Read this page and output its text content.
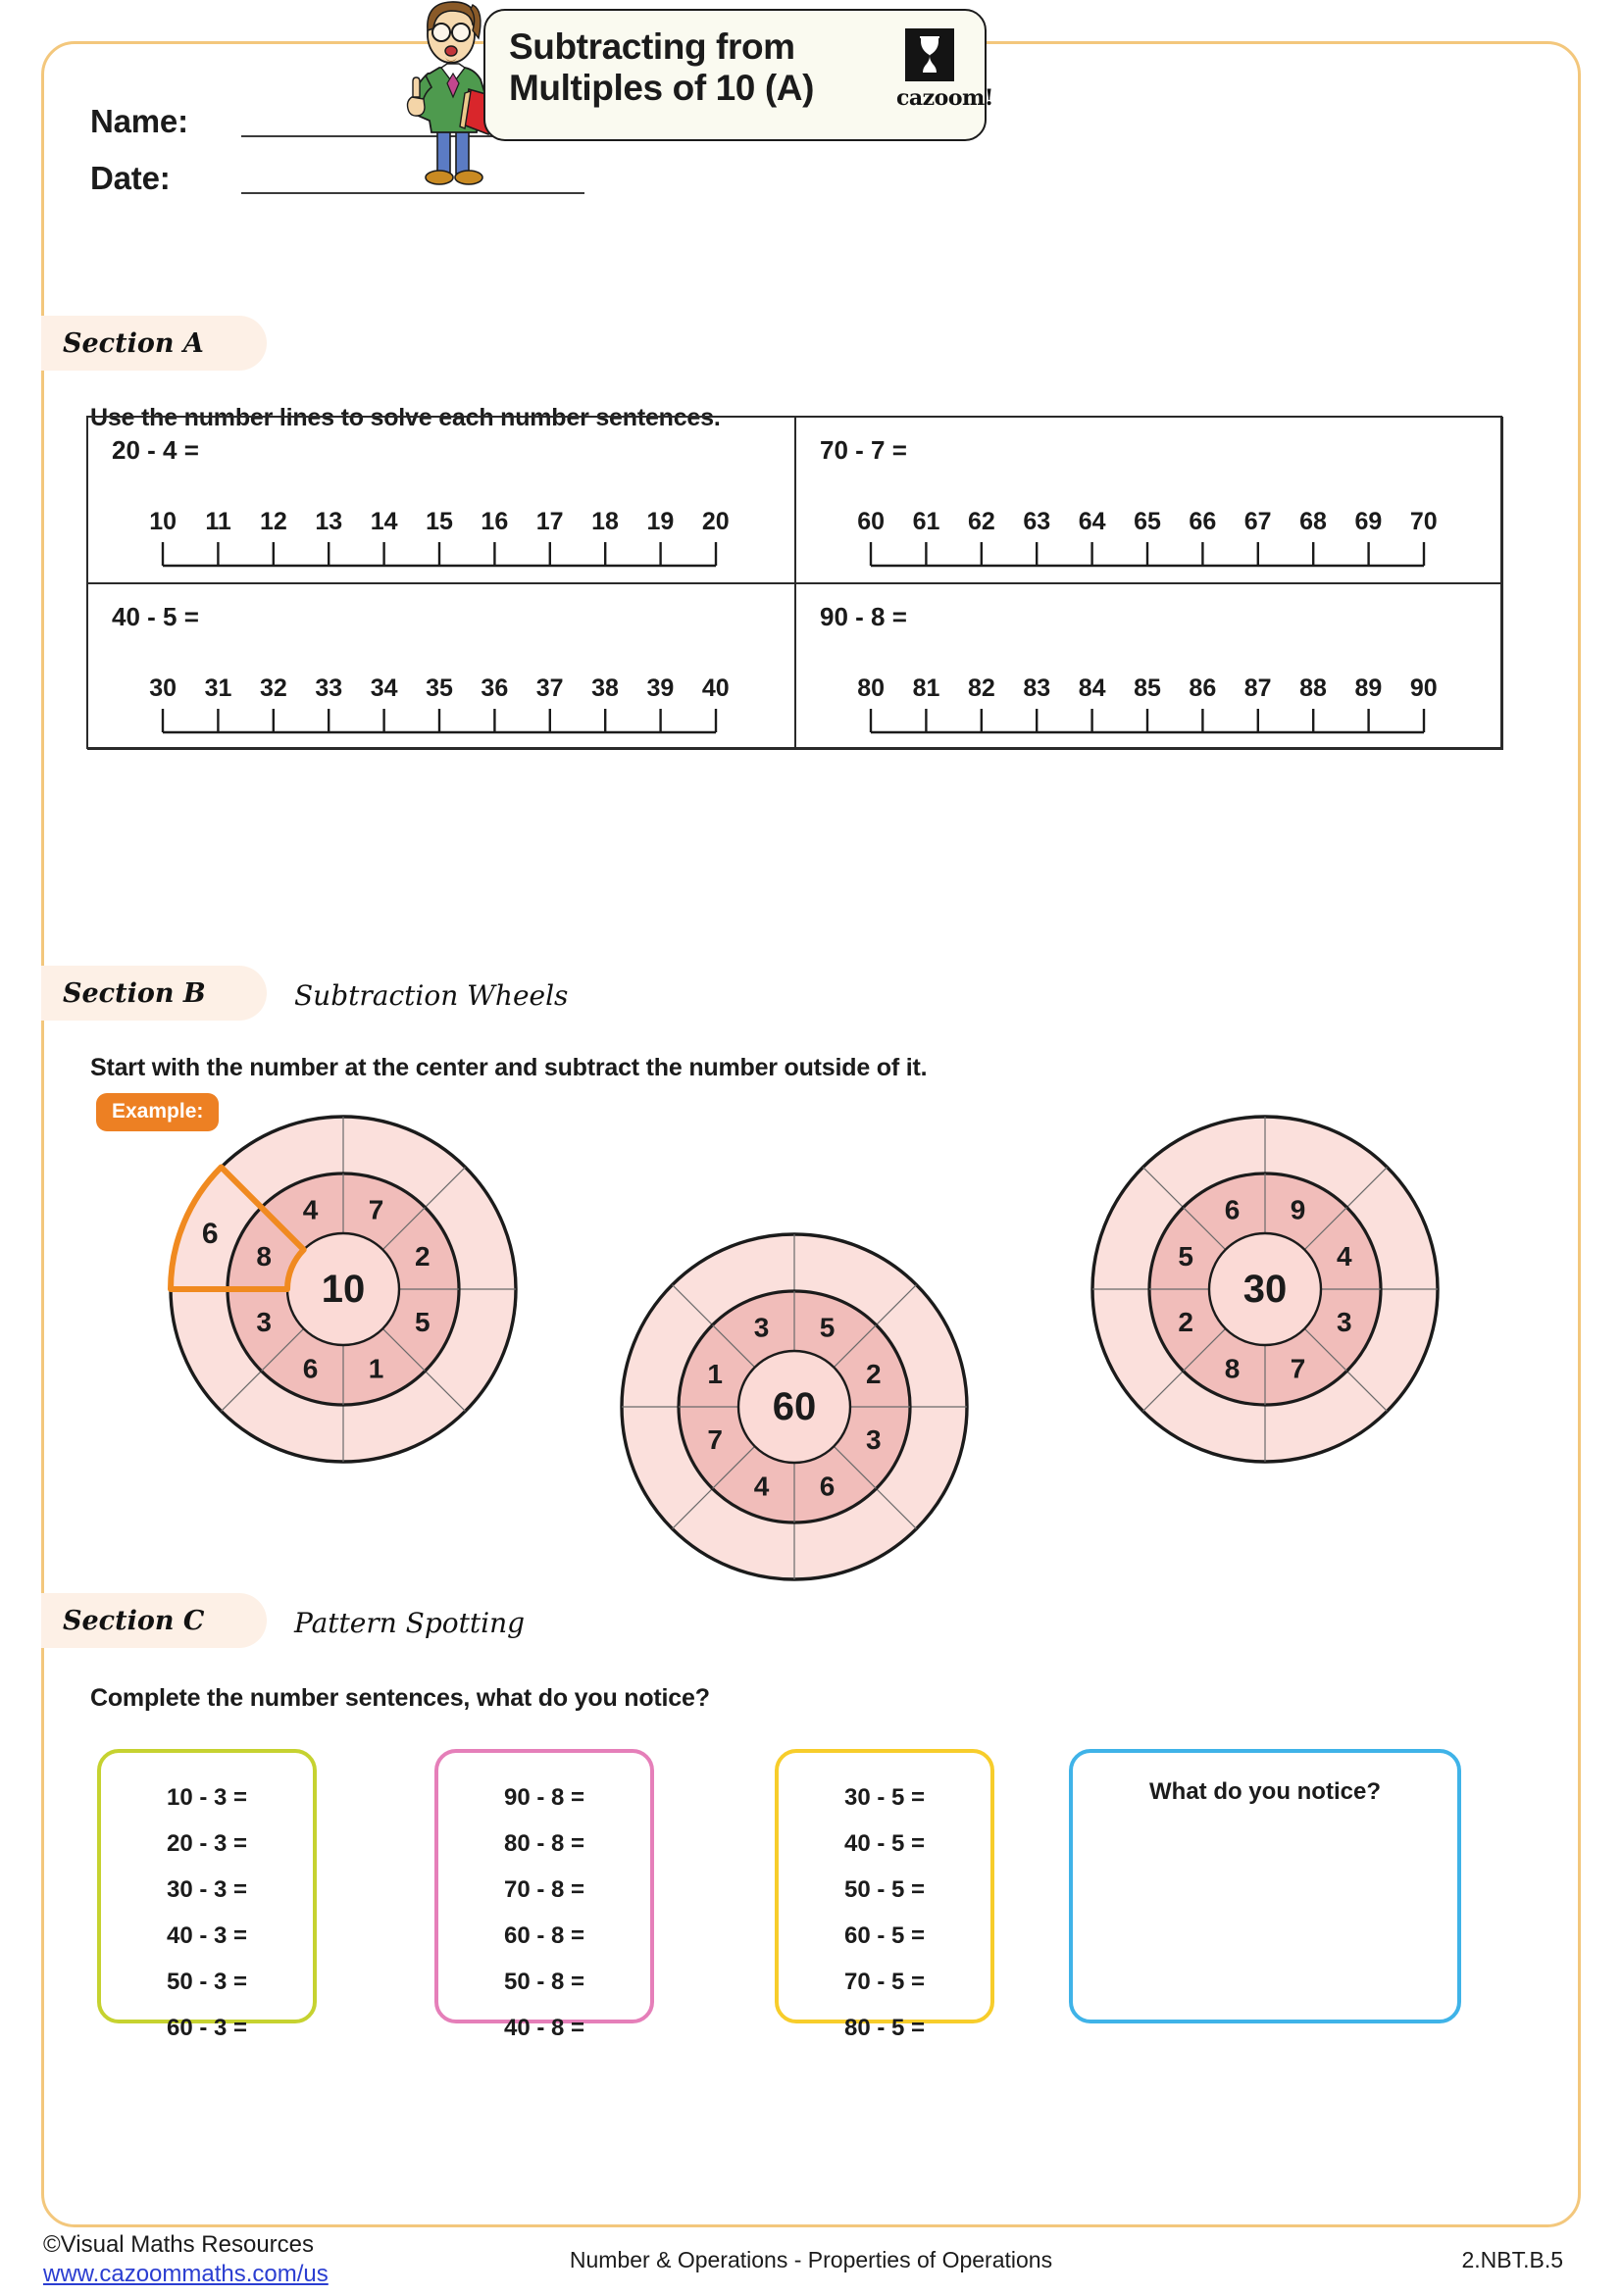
Name:
Date:
Subtracting from
Multiples of 10 (A)	cazoom!
Section A
Use the number lines to solve each number sentences.
20 - 4 =
10	11	12	13	14	15	16	17	18	19	20
70 - 7 =
60	61	62	63	64	65	66	67	68	69	70
40 - 5 =
30	31	32	33	34	35	36	37	38	39	40
90 - 8 =
80	81	82	83	84	85	86	87	88	89	90
Section B	Subtraction Wheels
Start with the number at the center and subtract the number outside of it.
Example:
10
7
2
5
1
6
3
8
4
6
60
5
2
3
6
4
7
1
3
30
9
4
3
7
8
2
5
6
Section C	Pattern Spotting
Complete the number sentences, what do you notice?
10 - 3 =
20 - 3 =
30 - 3 =
40 - 3 =
50 - 3 =
60 - 3 =
90 - 8 =
80 - 8 =
70 - 8 =
60 - 8 =
50 - 8 =
40 - 8 =
30 - 5 =
40 - 5 =
50 - 5 =
60 - 5 =
70 - 5 =
80 - 5 =
What do you notice?
©Visual Maths Resources
www.cazoommaths.com/us
Number & Operations - Properties of Operations	2.NBT.B.5
